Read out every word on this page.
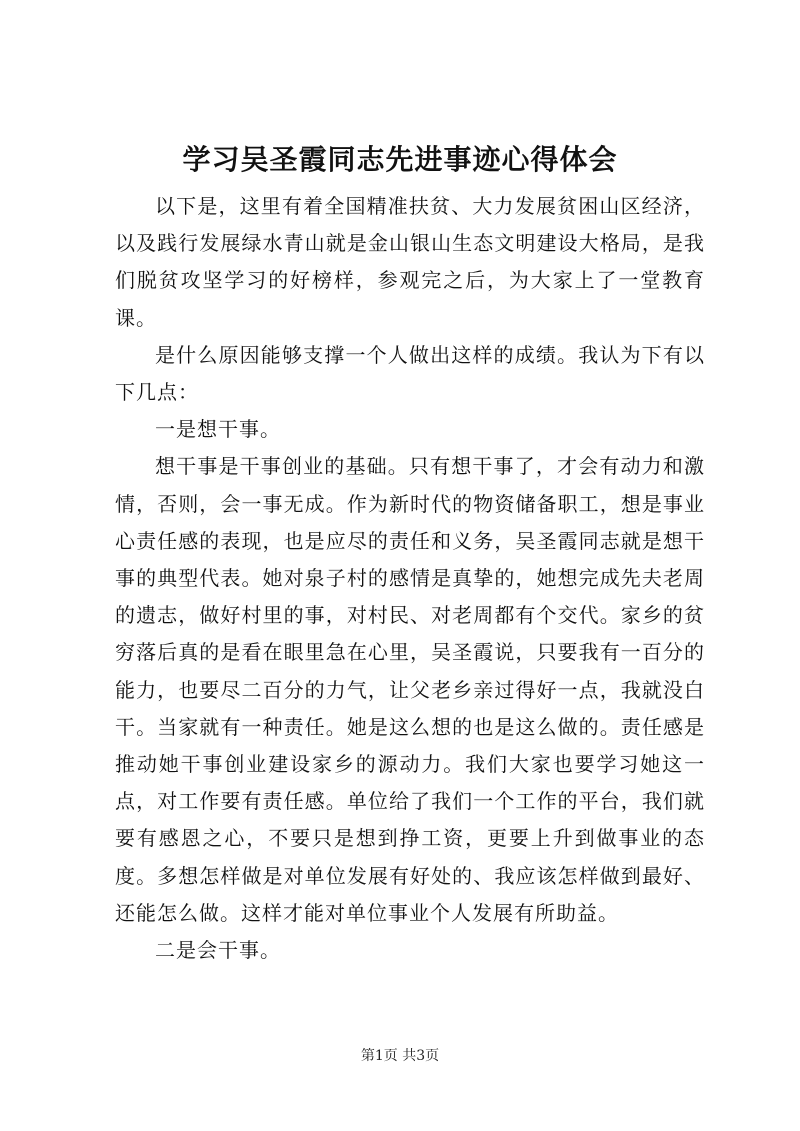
学习吴圣霞同志先进事迹心得体会

以下是，这里有着全国精准扶贫、大力发展贫困山区经济，以及践行发展绿水青山就是金山银山生态文明建设大格局，是我们脱贫攻坚学习的好榜样，参观完之后，为大家上了一堂教育课。

是什么原因能够支撑一个人做出这样的成绩。我认为下有以下几点：

一是想干事。

想干事是干事创业的基础。只有想干事了，才会有动力和激情，否则，会一事无成。作为新时代的物资储备职工，想是事业心责任感的表现，也是应尽的责任和义务，吴圣霞同志就是想干事的典型代表。她对泉子村的感情是真挚的，她想完成先夫老周的遗志，做好村里的事，对村民、对老周都有个交代。家乡的贫穷落后真的是看在眼里急在心里，吴圣霞说，只要我有一百分的能力，也要尽二百分的力气，让父老乡亲过得好一点，我就没白干。当家就有一种责任。她是这么想的也是这么做的。责任感是推动她干事创业建设家乡的源动力。我们大家也要学习她这一点，对工作要有责任感。单位给了我们一个工作的平台，我们就要有感恩之心，不要只是想到挣工资，更要上升到做事业的态度。多想怎样做是对单位发展有好处的、我应该怎样做到最好、还能怎么做。这样才能对单位事业个人发展有所助益。

二是会干事。

第1页 共3页
